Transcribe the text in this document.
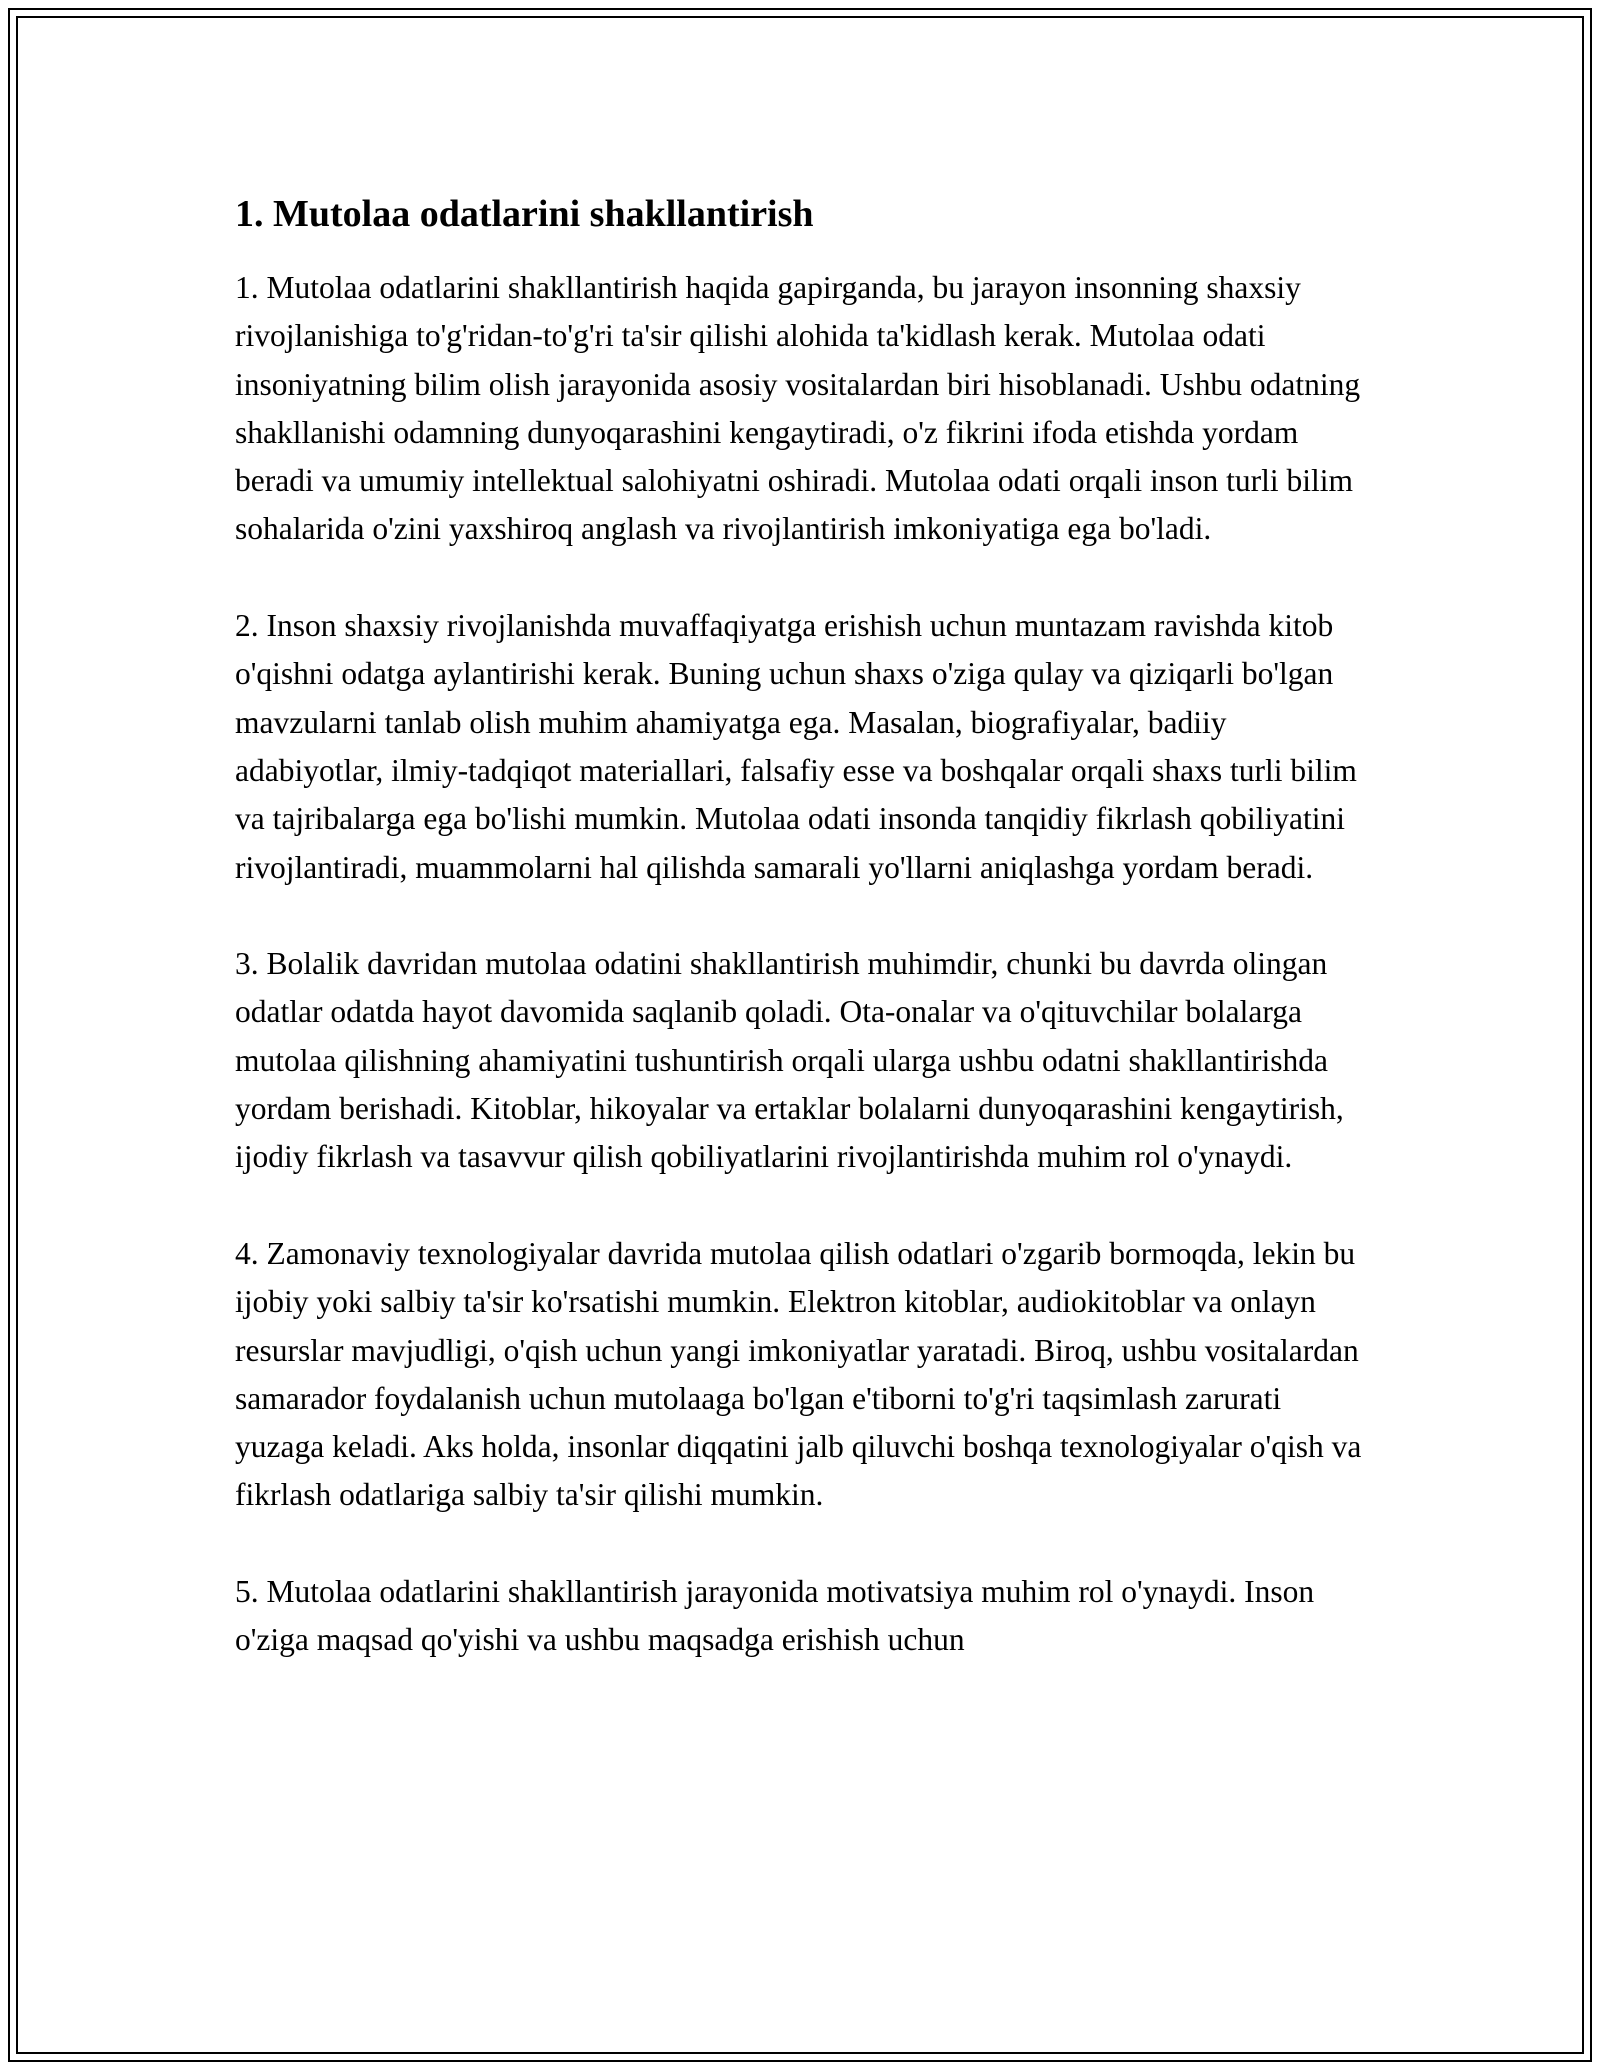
1. Mutolaa odatlarini shakllantirish

1. Mutolaa odatlarini shakllantirish haqida gapirganda, bu jarayon insonning shaxsiy rivojlanishiga to'g'ridan-to'g'ri ta'sir qilishi alohida ta'kidlash kerak. Mutolaa odati insoniyatning bilim olish jarayonida asosiy vositalardan biri hisoblanadi. Ushbu odatning shakllanishi odamning dunyoqarashini kengaytiradi, o'z fikrini ifoda etishda yordam beradi va umumiy intellektual salohiyatni oshiradi. Mutolaa odati orqali inson turli bilim sohalarida o'zini yaxshiroq anglash va rivojlantirish imkoniyatiga ega bo'ladi.

2. Inson shaxsiy rivojlanishda muvaffaqiyatga erishish uchun muntazam ravishda kitob o'qishni odatga aylantirishi kerak. Buning uchun shaxs o'ziga qulay va qiziqarli bo'lgan mavzularni tanlab olish muhim ahamiyatga ega. Masalan, biografiyalar, badiiy adabiyotlar, ilmiy-tadqiqot materiallari, falsafiy esse va boshqalar orqali shaxs turli bilim va tajribalarga ega bo'lishi mumkin. Mutolaa odati insonda tanqidiy fikrlash qobiliyatini rivojlantiradi, muammolarni hal qilishda samarali yo'llarni aniqlashga yordam beradi.

3. Bolalik davridan mutolaa odatini shakllantirish muhimdir, chunki bu davrda olingan odatlar odatda hayot davomida saqlanib qoladi. Ota-onalar va o'qituvchilar bolalarga mutolaa qilishning ahamiyatini tushuntirish orqali ularga ushbu odatni shakllantirishda yordam berishadi. Kitoblar, hikoyalar va ertaklar bolalarni dunyoqarashini kengaytirish, ijodiy fikrlash va tasavvur qilish qobiliyatlarini rivojlantirishda muhim rol o'ynaydi.

4. Zamonaviy texnologiyalar davrida mutolaa qilish odatlari o'zgarib bormoqda, lekin bu ijobiy yoki salbiy ta'sir ko'rsatishi mumkin. Elektron kitoblar, audiokitoblar va onlayn resurslar mavjudligi, o'qish uchun yangi imkoniyatlar yaratadi. Biroq, ushbu vositalardan samarador foydalanish uchun mutolaaga bo'lgan e'tiborni to'g'ri taqsimlash zarurati yuzaga keladi. Aks holda, insonlar diqqatini jalb qiluvchi boshqa texnologiyalar o'qish va fikrlash odatlariga salbiy ta'sir qilishi mumkin.

5. Mutolaa odatlarini shakllantirish jarayonida motivatsiya muhim rol o'ynaydi. Inson o'ziga maqsad qo'yishi va ushbu maqsadga erishish uchun
